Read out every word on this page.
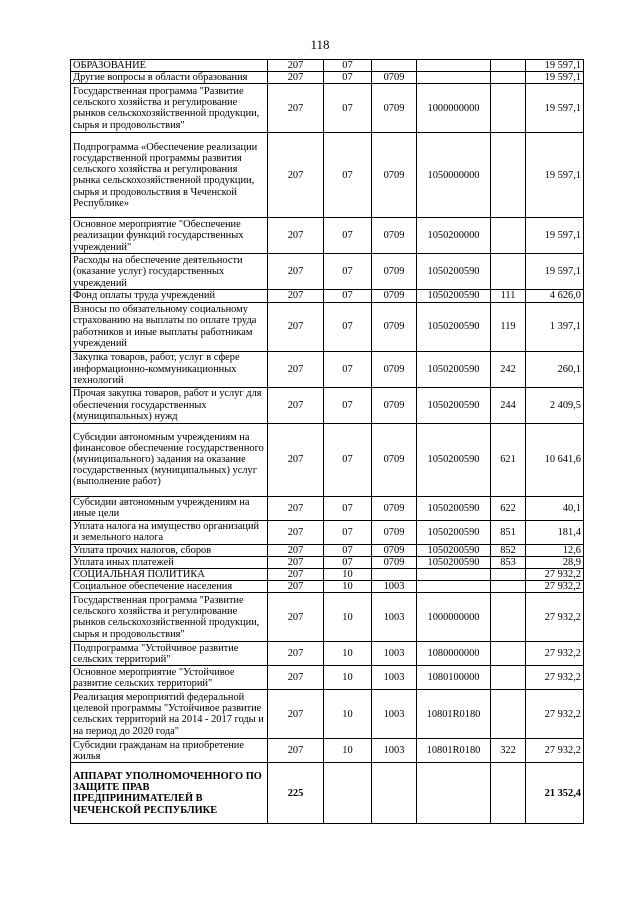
118
ОБРАЗОВАНИЕ	207	07				19 597,1
Другие вопросы в области образования	207	07	0709			19 597,1
Государственная программа "Развитие сельского хозяйства и регулирование рынков сельскохозяйственной продукции, сырья и продовольствия"	207	07	0709	1000000000		19 597,1
Подпрограмма «Обеспечение реализации государственной программы развития сельского хозяйства и регулирования рынка сельскохозяйственной продукции, сырья и продовольствия в Чеченской Республике»	207	07	0709	1050000000		19 597,1
Основное мероприятие "Обеспечение реализации функций государственных учреждений"	207	07	0709	1050200000		19 597,1
Расходы на обеспечение деятельности (оказание услуг) государственных учреждений	207	07	0709	1050200590		19 597,1
Фонд оплаты труда учреждений	207	07	0709	1050200590	111	4 626,0
Взносы по обязательному социальному страхованию на выплаты по оплате труда работников и иные выплаты работникам учреждений	207	07	0709	1050200590	119	1 397,1
Закупка товаров, работ, услуг в сфере информационно-коммуникационных технологий	207	07	0709	1050200590	242	260,1
Прочая закупка товаров, работ и услуг для обеспечения государственных (муниципальных) нужд	207	07	0709	1050200590	244	2 409,5
Субсидии автономным учреждениям на финансовое обеспечение государственного (муниципального) задания на оказание государственных (муниципальных) услуг (выполнение работ)	207	07	0709	1050200590	621	10 641,6
Субсидии автономным учреждениям на иные цели	207	07	0709	1050200590	622	40,1
Уплата налога на имущество организаций и земельного налога	207	07	0709	1050200590	851	181,4
Уплата прочих налогов, сборов	207	07	0709	1050200590	852	12,6
Уплата иных платежей	207	07	0709	1050200590	853	28,9
СОЦИАЛЬНАЯ ПОЛИТИКА	207	10				27 932,2
Социальное обеспечение населения	207	10	1003			27 932,2
Государственная программа "Развитие сельского хозяйства и регулирование рынков сельскохозяйственной продукции, сырья и продовольствия"	207	10	1003	1000000000		27 932,2
Подпрограмма "Устойчивое развитие сельских территорий"	207	10	1003	1080000000		27 932,2
Основное мероприятие "Устойчивое развитие сельских территорий"	207	10	1003	1080100000		27 932,2
Реализация мероприятий федеральной целевой программы "Устойчивое развитие сельских территорий на 2014 - 2017 годы и на период до 2020 года"	207	10	1003	10801R0180		27 932,2
Субсидии гражданам на приобретение жилья	207	10	1003	10801R0180	322	27 932,2
АППАРАТ УПОЛНОМОЧЕННОГО ПО ЗАЩИТЕ ПРАВ ПРЕДПРИНИМАТЕЛЕЙ В ЧЕЧЕНСКОЙ РЕСПУБЛИКЕ	225					21 352,4
